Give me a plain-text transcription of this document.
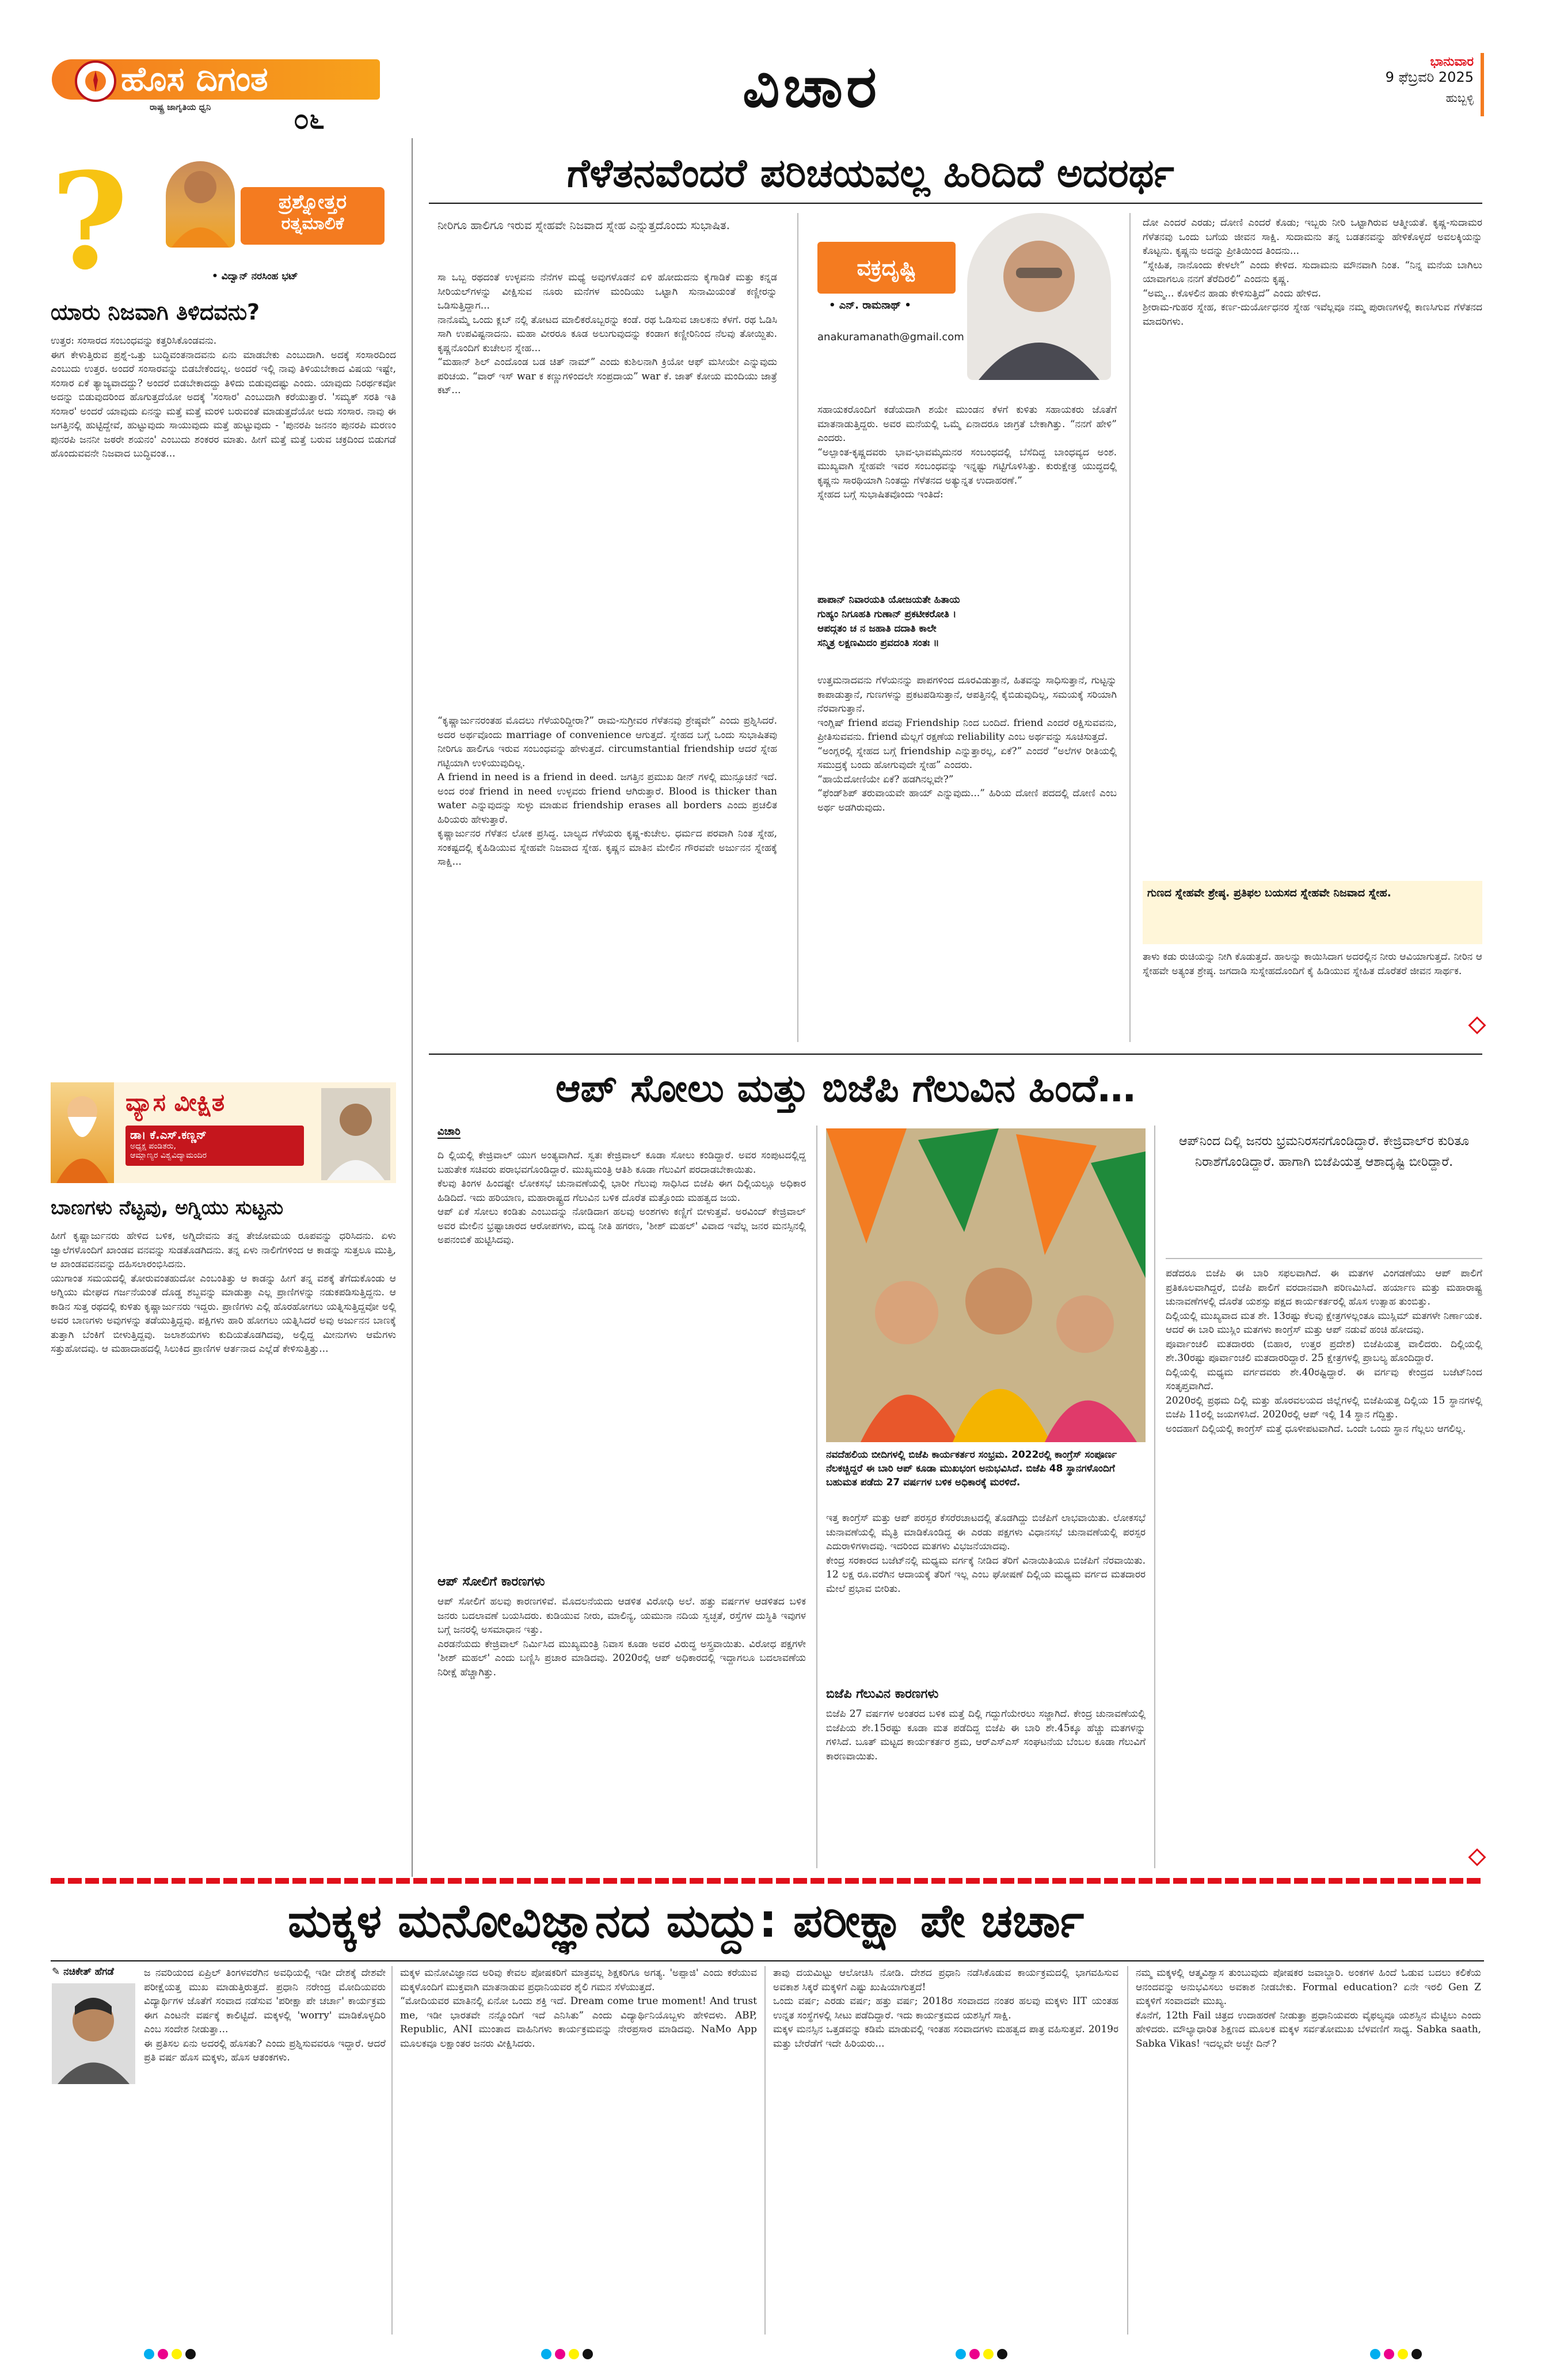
ಹೊಸ ದಿಗಂತ
ರಾಷ್ಟ್ರ ಜಾಗೃತಿಯ ಧ್ವನಿ	೦೬	ವಿಚಾರ	ಭಾನುವಾರ
9 ಫೆಬ್ರವರಿ 2025
ಹುಬ್ಬಳ್ಳಿ
?	ಪ್ರಶ್ನೋತ್ತರ
ರತ್ನಮಾಲಿಕೆ
• ವಿದ್ವಾನ್ ನರಸಿಂಹ ಭಟ್
ಯಾರು ನಿಜವಾಗಿ ತಿಳಿದವನು?
ಉತ್ತರ: ಸಂಸಾರದ ಸಂಬಂಧವನ್ನು ಕತ್ತರಿಸಿಕೊಂಡವನು.
ಈಗ ಕೇಳುತ್ತಿರುವ ಪ್ರಶ್ನೆ-ಒತ್ತು ಬುದ್ಧಿವಂತನಾದವನು ಏನು ಮಾಡಬೇಕು ಎಂಬುದಾಗಿ. ಅದಕ್ಕೆ ಸಂಸಾರದಿಂದ ಎಂಬುದು ಉತ್ತರ. ಅಂದರೆ ಸಂಸಾರವನ್ನು ಬಿಡಬೇಕೆಂದಲ್ಲ. ಅಂದರೆ ಇಲ್ಲಿ ನಾವು ತಿಳಿಯಬೇಕಾದ ವಿಷಯ ಇಷ್ಟೇ, ಸಂಸಾರ ಏಕೆ ತ್ಯಾಜ್ಯವಾದದ್ದು? ಅಂದರೆ ಬಿಡಬೇಕಾದದ್ದು ತಿಳಿದು ಬಿಡುವುದಷ್ಟು ಎಂದು. ಯಾವುದು ನಿರರ್ಥಕವೋ ಅದನ್ನು ಬಿಡುವುದರಿಂದ ಹೊಗುತ್ತದೆಯೋ ಅದಕ್ಕೆ 'ಸಂಸಾರ' ಎಂಬುದಾಗಿ ಕರೆಯುತ್ತಾರೆ. 'ಸಮ್ಯಕ್ ಸರತಿ ಇತಿ ಸಂಸಾರ' ಅಂದರೆ ಯಾವುದು ಏನನ್ನು ಮತ್ತೆ ಮತ್ತೆ ಮರಳಿ ಬರುವಂತೆ ಮಾಡುತ್ತದೆಯೋ ಅದು ಸಂಸಾರ. ನಾವು ಈ ಜಗತ್ತಿನಲ್ಲಿ ಹುಟ್ಟಿದ್ದೇವೆ, ಹುಟ್ಟುವುದು ಸಾಯುವುದು ಮತ್ತೆ ಹುಟ್ಟುವುದು - 'ಪುನರಪಿ ಜನನಂ ಪುನರಪಿ ಮರಣಂ ಪುನರಪಿ ಜನನೀ ಜಠರೇ ಶಯನಂ' ಎಂಬುದು ಶಂಕರರ ಮಾತು. ಹೀಗೆ ಮತ್ತೆ ಮತ್ತೆ ಬರುವ ಚಕ್ರದಿಂದ ಬಿಡುಗಡೆ ಹೊಂದುವವನೇ ನಿಜವಾದ ಬುದ್ಧಿವಂತ...
ವ್ಯಾಸ ವೀಕ್ಷಿತ
ಡಾ। ಕೆ.ಎಸ್.ಕಣ್ಣನ್
ಅಧ್ಯಕ್ಷ ಪಂಡಿತರು,
ಆಮ್ಲಾಣ್ಯರ ವಿಶ್ವವಿದ್ಯಾಮಂದಿರ
ಬಾಣಗಳು ನೆಟ್ಟವು, ಅಗ್ನಿಯು ಸುಟ್ಟನು
ಹೀಗೆ ಕೃಷ್ಣಾರ್ಜುನರು ಹೇಳಿದ ಬಳಿಕ, ಅಗ್ನಿದೇವನು ತನ್ನ ತೇಜೋಮಯ ರೂಪವನ್ನು ಧರಿಸಿದನು. ಏಳು ಜ್ವಾಲೆಗಳೊಂದಿಗೆ ಖಾಂಡವ ವನವನ್ನು ಸುಡತೊಡಗಿದನು. ತನ್ನ ಏಳು ನಾಲಿಗೆಗಳಿಂದ ಆ ಕಾಡನ್ನು ಸುತ್ತಲೂ ಮುತ್ತಿ, ಆ ಖಾಂಡವವನವನ್ನು ದಹಿಸಲಾರಂಭಿಸಿದನು.
ಯುಗಾಂತ ಸಮಯದಲ್ಲಿ ತೋರುವಂತಹುದೋ ಎಂಬಂತಿತ್ತು ಆ ಕಾಡನ್ನು ಹೀಗೆ ತನ್ನ ವಶಕ್ಕೆ ತೆಗೆದುಕೊಂಡು ಆ ಅಗ್ನಿಯು ಮೇಘದ ಗರ್ಜನೆಯಂತೆ ದೊಡ್ಡ ಶಬ್ದವನ್ನು ಮಾಡುತ್ತಾ ಎಲ್ಲ ಪ್ರಾಣಿಗಳನ್ನು ನಡುಕಪಡಿಸುತ್ತಿದ್ದನು. ಆ ಕಾಡಿನ ಸುತ್ತ ರಥದಲ್ಲಿ ಕುಳಿತು ಕೃಷ್ಣಾರ್ಜುನರು ಇದ್ದರು. ಪ್ರಾಣಿಗಳು ಎಲ್ಲಿ ಹೊರಹೋಗಲು ಯತ್ನಿಸುತ್ತಿದ್ದವೋ ಅಲ್ಲಿ ಅವರ ಬಾಣಗಳು ಅವುಗಳನ್ನು ತಡೆಯುತ್ತಿದ್ದವು. ಪಕ್ಷಿಗಳು ಹಾರಿ ಹೋಗಲು ಯತ್ನಿಸಿದರೆ ಅವು ಅರ್ಜುನನ ಬಾಣಕ್ಕೆ ತುತ್ತಾಗಿ ಬೆಂಕಿಗೆ ಬೀಳುತ್ತಿದ್ದವು. ಜಲಾಶಯಗಳು ಕುದಿಯತೊಡಗಿದವು, ಅಲ್ಲಿದ್ದ ಮೀನುಗಳು ಆಮೆಗಳು ಸತ್ತುಹೋದವು. ಆ ಮಹಾದಾಹದಲ್ಲಿ ಸಿಲುಕಿದ ಪ್ರಾಣಿಗಳ ಆರ್ತನಾದ ಎಲ್ಲೆಡೆ ಕೇಳಿಸುತ್ತಿತ್ತು...
ಗೆಳೆತನವೆಂದರೆ ಪರಿಚಯವಲ್ಲ ಹಿರಿದಿದೆ ಅದರರ್ಥ
ನೀರಿಗೂ ಹಾಲಿಗೂ ಇರುವ ಸ್ನೇಹವೇ ನಿಜವಾದ ಸ್ನೇಹ ಎನ್ನುತ್ತದೊಂದು ಸುಭಾಷಿತ.
ವಕ್ರದೃಷ್ಟಿ
• ಎನ್. ರಾಮನಾಥ್ •
anakuramanath@gmail.com
ಸಾ ಒಬ್ಬ ರಥದಂತೆ ಉಳ್ಳವನು ನೆನೆಗಳ ಮಧ್ಯೆ ಅವುಗಳೊಡನೆ ಏಳಿ ಹೋದುದನು ಕೈಗಾಡಿಕೆ ಮತ್ತು ಕನ್ನಡ ಸೀರಿಯಲ್‌ಗಳನ್ನು ವೀಕ್ಷಿಸುವ ನೂರು ಮನೆಗಳ ಮಂದಿಯು ಒಟ್ಟಾಗಿ ಸುನಾಮಿಯಂತೆ ಕಣ್ಣೀರನ್ನು ಒಡಿಸುತ್ತಿದ್ದಾಗ...
ನಾನೊಮ್ಮೆ ಒಂದು ಕ್ಲಬ್ ನಲ್ಲಿ ತೋಟದ ಮಾಲಿಕರೊಬ್ಬರನ್ನು ಕಂಡೆ. ರಥ ಓಡಿಸುವ ಚಾಲಕನು ಕೆಳಗೆ. ರಥ ಓಡಿಸಿ ಸಾಗಿ ಉಪವಿಷ್ಟನಾದನು. ಮಹಾ ವೀರರೂ ಕೂಡ ಅಲುಗುವುದನ್ನು ಕಂಡಾಗ ಕಣ್ಣೀರಿನಿಂದ ನೆಲವು ತೋಯ್ದಿತು. ಕೃಷ್ಣನೊಂದಿಗೆ ಕುಚೇಲನ ಸ್ನೇಹ...
“ಮಹಾನ್ ಶಿಲ್ ಎಂದೊಂಡ ಬಡ ಚಿತ್ ನಾಮ್” ಎಂದು ಕುಶಿಲನಾಗಿ ಕ್ರಿಯೋ ಆಫ್ ಮಸೀಯೇ ಎನ್ನುವುದು ಪರಿಚಯ. “ವಾರ್ ಇಸ್ war ಕ ಕಣ್ಣುಗಳಿಂದಲೇ ಸಂಪ್ರದಾಯ” war ಕೆ. ಜಾತ್ ಕೋಯ ಮಂದಿಯು ಜಾತ್ರೆ ಕಟ್...
“ಕೃಷ್ಣಾರ್ಜುನರಂತಹ ಮೊದಲು ಗೆಳೆಯರಿದ್ದೀರಾ?” ರಾಮ-ಸುಗ್ರೀವರ ಗೆಳೆತನವು ಶ್ರೇಷ್ಠವೇ” ಎಂದು ಪ್ರಶ್ನಿಸಿದರೆ. ಅದರ ಅರ್ಥವೊಂದು marriage of convenience ಆಗುತ್ತದೆ. ಸ್ನೇಹದ ಬಗ್ಗೆ ಒಂದು ಸುಭಾಷಿತವು ನೀರಿಗೂ ಹಾಲಿಗೂ ಇರುವ ಸಂಬಂಧವನ್ನು ಹೇಳುತ್ತದೆ. circumstantial friendship ಆದರೆ ಸ್ನೇಹ ಗಟ್ಟಿಯಾಗಿ ಉಳಿಯುವುದಿಲ್ಲ.
A friend in need is a friend in deed. ಜಗತ್ತಿನ ಪ್ರಮುಖ ಡೀನ್ ಗಳಲ್ಲಿ ಮುನ್ಸೂಚನೆ ಇದೆ. ಅಂದ ರಂತೆ friend in need ಉಳ್ಳವರು friend ಆಗಿರುತ್ತಾರೆ. Blood is thicker than water ಎನ್ನುವುದನ್ನು ಸುಳ್ಳು ಮಾಡುವ friendship erases all borders ಎಂದು ಪ್ರಚಲಿತ ಹಿರಿಯರು ಹೇಳುತ್ತಾರೆ.
ಕೃಷ್ಣಾರ್ಜುನರ ಗೆಳೆತನ ಲೋಕ ಪ್ರಸಿದ್ಧ. ಬಾಲ್ಯದ ಗೆಳೆಯರು ಕೃಷ್ಣ-ಕುಚೇಲ. ಧರ್ಮದ ಪರವಾಗಿ ನಿಂತ ಸ್ನೇಹ, ಸಂಕಷ್ಟದಲ್ಲಿ ಕೈಹಿಡಿಯುವ ಸ್ನೇಹವೇ ನಿಜವಾದ ಸ್ನೇಹ. ಕೃಷ್ಣನ ಮಾತಿನ ಮೇಲಿನ ಗೌರವವೇ ಅರ್ಜುನನ ಸ್ನೇಹಕ್ಕೆ ಸಾಕ್ಷಿ...
ಸಹಾಯಕರೊಂದಿಗೆ ಕಡೆಯದಾಗಿ ಶಯೇ ಮುಂಡನ ಕೆಳಗೆ ಕುಳಿತು ಸಹಾಯಕರು ಜೊತೆಗೆ ಮಾತನಾಡುತ್ತಿದ್ದರು. ಅವರ ಮನೆಯಲ್ಲಿ ಒಮ್ಮೆ ಏನಾದರೂ ಜಾಗ್ರತೆ ಬೇಕಾಗಿತ್ತು. “ನನಗೆ ಹೇಳಿ” ಎಂದರು.
“ಅಲ್ಪಾಂತ-ಕೃಷ್ಣದವರು ಭಾವ-ಭಾವಮೈದುನರ ಸಂಬಂಧದಲ್ಲಿ ಬೆಸೆದಿದ್ದ ಬಾಂಧವ್ಯದ ಅಂಶ. ಮುಖ್ಯವಾಗಿ ಸ್ನೇಹವೇ ಇವರ ಸಂಬಂಧವನ್ನು ಇನ್ನಷ್ಟು ಗಟ್ಟಿಗೊಳಿಸಿತ್ತು. ಕುರುಕ್ಷೇತ್ರ ಯುದ್ಧದಲ್ಲಿ ಕೃಷ್ಣನು ಸಾರಥಿಯಾಗಿ ನಿಂತದ್ದು ಗೆಳೆತನದ ಅತ್ಯುನ್ನತ ಉದಾಹರಣೆ.”
ಸ್ನೇಹದ ಬಗ್ಗೆ ಸುಭಾಷಿತವೊಂದು ಇಂತಿದೆ:
ಪಾಪಾನ್ ನಿವಾರಯತಿ ಯೋಜಯತೇ ಹಿತಾಯ
ಗುಹ್ಯಂ ನಿಗೂಹತಿ ಗುಣಾನ್ ಪ್ರಕಟೀಕರೋತಿ ।
ಆಪದ್ಗತಂ ಚ ನ ಜಹಾತಿ ದದಾತಿ ಕಾಲೇ
ಸನ್ಮಿತ್ರ ಲಕ್ಷಣಮಿದಂ ಪ್ರವದಂತಿ ಸಂತಃ ॥
ಉತ್ತಮನಾದವನು ಗೆಳೆಯನನ್ನು ಪಾಪಗಳಿಂದ ದೂರವಿಡುತ್ತಾನೆ, ಹಿತವನ್ನು ಸಾಧಿಸುತ್ತಾನೆ, ಗುಟ್ಟನ್ನು ಕಾಪಾಡುತ್ತಾನೆ, ಗುಣಗಳನ್ನು ಪ್ರಕಟಪಡಿಸುತ್ತಾನೆ, ಆಪತ್ತಿನಲ್ಲಿ ಕೈಬಿಡುವುದಿಲ್ಲ, ಸಮಯಕ್ಕೆ ಸರಿಯಾಗಿ ನೆರವಾಗುತ್ತಾನೆ.
ಇಂಗ್ಲಿಷ್ friend ಪದವು Friendship ನಿಂದ ಬಂದಿದೆ. friend ಎಂದರೆ ರಕ್ಷಿಸುವವನು, ಪ್ರೀತಿಸುವವನು. friend ಮೆಲ್ಲಗೆ ರಕ್ಷಣೆಯ reliability ಎಂಬ ಅರ್ಥವನ್ನು ಸೂಚಿಸುತ್ತದೆ.
“ಅಂಗ್ಲರಲ್ಲಿ ಸ್ನೇಹದ ಬಗ್ಗೆ friendship ಎನ್ನುತ್ತಾರಲ್ಲ, ಏಕೆ?” ಎಂದರೆ “ಅಲೆಗಳ ರೀತಿಯಲ್ಲಿ ಸಮುದ್ರಕ್ಕೆ ಬಂದು ಹೋಗುವುದೇ ಸ್ನೇಹ” ಎಂದರು.
“ಹಾಯೆದೋಣಿಯೇ ಏಕೆ? ಹಡಗಿನಲ್ಲವೇ?”
“ಫೆಂಡ್‌ಶಿಪ್ ತರುವಾಯವೇ ಹಾಯ್ ಎನ್ನುವುದು...” ಹಿರಿಯ ದೋಣಿ ಪದದಲ್ಲಿ ದೋಣಿ ಎಂಬ ಅರ್ಥ ಅಡಗಿರುವುದು.
ದೋ ಎಂದರೆ ಎರಡು; ದೋಣಿ ಎಂದರೆ ಕೊಡು; ಇಬ್ಬರು ನೀರಿ ಒಟ್ಟಾಗಿರುವ ಆತ್ಮೀಯತೆ. ಕೃಷ್ಣ-ಸುದಾಮರ ಗೆಳೆತನವು ಒಂದು ಬಗೆಯ ಜೀವನ ಸಾಕ್ಷಿ. ಸುದಾಮನು ತನ್ನ ಬಡತನವನ್ನು ಹೇಳಿಕೊಳ್ಳದೆ ಅವಲಕ್ಕಿಯನ್ನು ಕೊಟ್ಟನು. ಕೃಷ್ಣನು ಅದನ್ನು ಪ್ರೀತಿಯಿಂದ ತಿಂದನು...
“ಸ್ನೇಹಿತ, ನಾನೊಂದು ಕೇಳಲೇ” ಎಂದು ಕೇಳಿದ. ಸುದಾಮನು ಮೌನವಾಗಿ ನಿಂತ. “ನಿನ್ನ ಮನೆಯ ಬಾಗಿಲು ಯಾವಾಗಲೂ ನನಗೆ ತೆರೆದಿರಲಿ” ಎಂದನು ಕೃಷ್ಣ.
“ಅಮ್ಮ... ಕೊಳಲಿನ ಹಾಡು ಕೇಳಿಸುತ್ತಿದೆ” ಎಂದು ಹೇಳಿದ.
ಶ್ರೀರಾಮ-ಗುಹರ ಸ್ನೇಹ, ಕರ್ಣ-ದುರ್ಯೋಧನರ ಸ್ನೇಹ ಇವೆಲ್ಲವೂ ನಮ್ಮ ಪುರಾಣಗಳಲ್ಲಿ ಕಾಣಸಿಗುವ ಗೆಳೆತನದ ಮಾದರಿಗಳು.
ಗುಣದ ಸ್ನೇಹವೇ ಶ್ರೇಷ್ಠ. ಪ್ರತಿಫಲ ಬಯಸದ ಸ್ನೇಹವೇ ನಿಜವಾದ ಸ್ನೇಹ.
ತಾಳು ಕಡು ರುಚಿಯನ್ನು ನೀಗಿ ಕೊಡುತ್ತದೆ. ಹಾಲನ್ನು ಕಾಯಿಸಿದಾಗ ಅದರಲ್ಲಿನ ನೀರು ಆವಿಯಾಗುತ್ತದೆ. ನೀರಿನ ಆ ಸ್ನೇಹವೇ ಅತ್ಯಂತ ಶ್ರೇಷ್ಠ. ಜಗದಾಡಿ ಸುಸ್ನೇಹದೊಂದಿಗೆ ಕೈ ಹಿಡಿಯುವ ಸ್ನೇಹಿತ ದೊರೆತರೆ ಜೀವನ ಸಾರ್ಥಕ.
ಆಪ್ ಸೋಲು ಮತ್ತು ಬಿಜೆಪಿ ಗೆಲುವಿನ ಹಿಂದೆ…
ವಿಚಾರಿ
ದಿ ಲ್ಲಿಯಲ್ಲಿ ಕೇಜ್ರಿವಾಲ್ ಯುಗ ಅಂತ್ಯವಾಗಿದೆ. ಸ್ವತಃ ಕೇಜ್ರಿವಾಲ್ ಕೂಡಾ ಸೋಲು ಕಂಡಿದ್ದಾರೆ. ಅವರ ಸಂಪುಟದಲ್ಲಿದ್ದ ಬಹುತೇಕ ಸಚಿವರು ಪರಾಭವಗೊಂಡಿದ್ದಾರೆ. ಮುಖ್ಯಮಂತ್ರಿ ಆತಿಶಿ ಕೂಡಾ ಗೆಲುವಿಗೆ ಪರದಾಡಬೇಕಾಯಿತು.
ಕೆಲವು ತಿಂಗಳ ಹಿಂದಷ್ಟೇ ಲೋಕಸಭೆ ಚುನಾವಣೆಯಲ್ಲಿ ಭಾರೀ ಗೆಲುವು ಸಾಧಿಸಿದ ಬಿಜೆಪಿ ಈಗ ದಿಲ್ಲಿಯಲ್ಲೂ ಅಧಿಕಾರ ಹಿಡಿದಿದೆ. ಇದು ಹರಿಯಾಣ, ಮಹಾರಾಷ್ಟ್ರದ ಗೆಲುವಿನ ಬಳಿಕ ದೊರೆತ ಮತ್ತೊಂದು ಮಹತ್ವದ ಜಯ.
ಆಪ್ ಏಕೆ ಸೋಲು ಕಂಡಿತು ಎಂಬುದನ್ನು ನೋಡಿದಾಗ ಹಲವು ಅಂಶಗಳು ಕಣ್ಣಿಗೆ ಬೀಳುತ್ತವೆ. ಅರವಿಂದ್ ಕೇಜ್ರಿವಾಲ್ ಅವರ ಮೇಲಿನ ಭ್ರಷ್ಟಾಚಾರದ ಆರೋಪಗಳು, ಮದ್ಯ ನೀತಿ ಹಗರಣ, 'ಶೀಶ್ ಮಹಲ್' ವಿವಾದ ಇವೆಲ್ಲ ಜನರ ಮನಸ್ಸಿನಲ್ಲಿ ಅಪನಂಬಿಕೆ ಹುಟ್ಟಿಸಿದವು.
ಆಪ್ ಸೋಲಿಗೆ ಕಾರಣಗಳು
ಆಪ್ ಸೋಲಿಗೆ ಹಲವು ಕಾರಣಗಳಿವೆ. ಮೊದಲನೆಯದು ಆಡಳಿತ ವಿರೋಧಿ ಅಲೆ. ಹತ್ತು ವರ್ಷಗಳ ಆಡಳಿತದ ಬಳಿಕ ಜನರು ಬದಲಾವಣೆ ಬಯಸಿದರು. ಕುಡಿಯುವ ನೀರು, ಮಾಲಿನ್ಯ, ಯಮುನಾ ನದಿಯ ಸ್ವಚ್ಛತೆ, ರಸ್ತೆಗಳ ದುಸ್ಥಿತಿ ಇವುಗಳ ಬಗ್ಗೆ ಜನರಲ್ಲಿ ಅಸಮಾಧಾನ ಇತ್ತು.
ಎರಡನೆಯದು ಕೇಜ್ರಿವಾಲ್ ನಿರ್ಮಿಸಿದ ಮುಖ್ಯಮಂತ್ರಿ ನಿವಾಸ ಕೂಡಾ ಅವರ ವಿರುದ್ಧ ಅಸ್ತ್ರವಾಯಿತು. ವಿರೋಧ ಪಕ್ಷಗಳೇ 'ಶೀಶ್ ಮಹಲ್' ಎಂದು ಬಣ್ಣಿಸಿ ಪ್ರಚಾರ ಮಾಡಿದವು. 2020ರಲ್ಲಿ ಆಪ್ ಅಧಿಕಾರದಲ್ಲಿ ಇದ್ದಾಗಲೂ ಬದಲಾವಣೆಯ ನಿರೀಕ್ಷೆ ಹೆಚ್ಚಾಗಿತ್ತು.
ನವದೆಹಲಿಯ ಬೀದಿಗಳಲ್ಲಿ ಬಿಜೆಪಿ ಕಾರ್ಯಕರ್ತರ ಸಂಭ್ರಮ. 2022ರಲ್ಲಿ ಕಾಂಗ್ರೆಸ್ ಸಂಪೂರ್ಣ ನೆಲಕಚ್ಚಿದ್ದರೆ ಈ ಬಾರಿ ಆಪ್ ಕೂಡಾ ಮುಖಭಂಗ ಅನುಭವಿಸಿದೆ. ಬಿಜೆಪಿ 48 ಸ್ಥಾನಗಳೊಂದಿಗೆ ಬಹುಮತ ಪಡೆದು 27 ವರ್ಷಗಳ ಬಳಿಕ ಅಧಿಕಾರಕ್ಕೆ ಮರಳಿದೆ.
ಇತ್ತ ಕಾಂಗ್ರೆಸ್ ಮತ್ತು ಆಪ್ ಪರಸ್ಪರ ಕೆಸರೆರಚಾಟದಲ್ಲಿ ತೊಡಗಿದ್ದು ಬಿಜೆಪಿಗೆ ಲಾಭವಾಯಿತು. ಲೋಕಸಭೆ ಚುನಾವಣೆಯಲ್ಲಿ ಮೈತ್ರಿ ಮಾಡಿಕೊಂಡಿದ್ದ ಈ ಎರಡು ಪಕ್ಷಗಳು ವಿಧಾನಸಭೆ ಚುನಾವಣೆಯಲ್ಲಿ ಪರಸ್ಪರ ಎದುರಾಳಿಗಳಾದವು. ಇದರಿಂದ ಮತಗಳು ವಿಭಜನೆಯಾದವು.
ಕೇಂದ್ರ ಸರಕಾರದ ಬಜೆಟ್‌ನಲ್ಲಿ ಮಧ್ಯಮ ವರ್ಗಕ್ಕೆ ನೀಡಿದ ತೆರಿಗೆ ವಿನಾಯಿತಿಯೂ ಬಿಜೆಪಿಗೆ ನೆರವಾಯಿತು. 12 ಲಕ್ಷ ರೂ.ವರೆಗಿನ ಆದಾಯಕ್ಕೆ ತೆರಿಗೆ ಇಲ್ಲ ಎಂಬ ಘೋಷಣೆ ದಿಲ್ಲಿಯ ಮಧ್ಯಮ ವರ್ಗದ ಮತದಾರರ ಮೇಲೆ ಪ್ರಭಾವ ಬೀರಿತು.
ಬಿಜೆಪಿ ಗೆಲುವಿನ ಕಾರಣಗಳು
ಬಿಜೆಪಿ 27 ವರ್ಷಗಳ ಅಂತರದ ಬಳಿಕ ಮತ್ತೆ ದಿಲ್ಲಿ ಗದ್ದುಗೆಯೇರಲು ಸಜ್ಜಾಗಿದೆ. ಕೇಂದ್ರ ಚುನಾವಣೆಯಲ್ಲಿ ಬಿಜೆಪಿಯ ಶೇ.15ರಷ್ಟು ಕೂಡಾ ಮತ ಪಡೆದಿದ್ದ ಬಿಜೆಪಿ ಈ ಬಾರಿ ಶೇ.45ಕ್ಕೂ ಹೆಚ್ಚು ಮತಗಳನ್ನು ಗಳಿಸಿದೆ. ಬೂತ್ ಮಟ್ಟದ ಕಾರ್ಯಕರ್ತರ ಶ್ರಮ, ಆರ್‌ಎಸ್‌ಎಸ್ ಸಂಘಟನೆಯ ಬೆಂಬಲ ಕೂಡಾ ಗೆಲುವಿಗೆ ಕಾರಣವಾಯಿತು.
ಆಪ್‌ನಿಂದ ದಿಲ್ಲಿ ಜನರು ಭ್ರಮನಿರಸನಗೊಂಡಿದ್ದಾರೆ. ಕೇಜ್ರಿವಾಲ್‌ರ ಕುರಿತೂ ನಿರಾಶೆಗೊಂಡಿದ್ದಾರೆ. ಹಾಗಾಗಿ ಬಿಜೆಪಿಯತ್ತ ಆಶಾದೃಷ್ಟಿ ಬೀರಿದ್ದಾರೆ.
ಪಡೆದರೂ ಬಿಜೆಪಿ ಈ ಬಾರಿ ಸಫಲವಾಗಿದೆ. ಈ ಮತಗಳ ವಿಂಗಡಣೆಯು ಆಪ್ ಪಾಲಿಗೆ ಪ್ರತಿಕೂಲವಾಗಿದ್ದರೆ, ಬಿಜೆಪಿ ಪಾಲಿಗೆ ವರದಾನವಾಗಿ ಪರಿಣಮಿಸಿದೆ. ಹರ್ಯಾಣ ಮತ್ತು ಮಹಾರಾಷ್ಟ್ರ ಚುನಾವಣೆಗಳಲ್ಲಿ ದೊರೆತ ಯಶಸ್ಸು ಪಕ್ಷದ ಕಾರ್ಯಕರ್ತರಲ್ಲಿ ಹೊಸ ಉತ್ಸಾಹ ತುಂಬಿತ್ತು.
ದಿಲ್ಲಿಯಲ್ಲಿ ಮುಖ್ಯವಾದ ಮತ ಶೇ. 13ರಷ್ಟು ಕೆಲವು ಕ್ಷೇತ್ರಗಳಲ್ಲಂತೂ ಮುಸ್ಲಿಮ್ ಮತಗಳೇ ನಿರ್ಣಾಯಕ. ಆದರೆ ಈ ಬಾರಿ ಮುಸ್ಲಿಂ ಮತಗಳು ಕಾಂಗ್ರೆಸ್ ಮತ್ತು ಆಪ್ ನಡುವೆ ಹಂಚಿ ಹೋದವು.
ಪೂರ್ವಾಂಚಲಿ ಮತದಾರರು (ಬಿಹಾರ, ಉತ್ತರ ಪ್ರದೇಶ) ಬಿಜೆಪಿಯತ್ತ ವಾಲಿದರು. ದಿಲ್ಲಿಯಲ್ಲಿ ಶೇ.30ರಷ್ಟು ಪೂರ್ವಾಂಚಲಿ ಮತದಾರರಿದ್ದಾರೆ. 25 ಕ್ಷೇತ್ರಗಳಲ್ಲಿ ಪ್ರಾಬಲ್ಯ ಹೊಂದಿದ್ದಾರೆ.
ದಿಲ್ಲಿಯಲ್ಲಿ ಮಧ್ಯಮ ವರ್ಗದವರು ಶೇ.40ರಷ್ಟಿದ್ದಾರೆ. ಈ ವರ್ಗವು ಕೇಂದ್ರದ ಬಜೆಟ್‌ನಿಂದ ಸಂತೃಪ್ತವಾಗಿದೆ.
2020ರಲ್ಲಿ ಪ್ರಥಮ ದಿಲ್ಲಿ ಮತ್ತು ಹೊರವಲಯದ ಜಿಲ್ಲೆಗಳಲ್ಲಿ ಬಿಜೆಪಿಯತ್ತ ದಿಲ್ಲಿಯ 15 ಸ್ಥಾನಗಳಲ್ಲಿ ಬಿಜೆಪಿ 11ರಲ್ಲಿ ಜಯಗಳಿಸಿದೆ. 2020ರಲ್ಲಿ ಆಪ್ ಇಲ್ಲಿ 14 ಸ್ಥಾನ ಗೆದ್ದಿತ್ತು.
ಅಂದಹಾಗೆ ದಿಲ್ಲಿಯಲ್ಲಿ ಕಾಂಗ್ರೆಸ್ ಮತ್ತೆ ಧೂಳೀಪಟವಾಗಿದೆ. ಒಂದೇ ಒಂದು ಸ್ಥಾನ ಗೆಲ್ಲಲು ಆಗಲಿಲ್ಲ.
ಮಕ್ಕಳ ಮನೋವಿಜ್ಞಾನದ ಮದ್ದು: ಪರೀಕ್ಷಾ ಪೇ ಚರ್ಚಾ
✎ ನಚಿಕೇತ್ ಹೆಗಡೆ	ಜ ನವರಿಯಂದ ಏಪ್ರಿಲ್ ತಿಂಗಳವರೆಗಿನ ಅವಧಿಯಲ್ಲಿ ಇಡೀ ದೇಶಕ್ಕೆ ದೇಶವೇ ಪರೀಕ್ಷೆಯತ್ತ ಮುಖ ಮಾಡುತ್ತಿರುತ್ತದೆ. ಪ್ರಧಾನಿ ನರೇಂದ್ರ ಮೋದಿಯವರು ವಿದ್ಯಾರ್ಥಿಗಳ ಜೊತೆಗೆ ಸಂವಾದ ನಡೆಸುವ 'ಪರೀಕ್ಷಾ ಪೇ ಚರ್ಚಾ' ಕಾರ್ಯಕ್ರಮ ಈಗ ಎಂಟನೇ ವರ್ಷಕ್ಕೆ ಕಾಲಿಟ್ಟಿದೆ. ಮಕ್ಕಳಲ್ಲಿ 'worry' ಮಾಡಿಕೊಳ್ಳದಿರಿ ಎಂಬ ಸಂದೇಶ ನೀಡುತ್ತಾ...
ಈ ಪ್ರತಿಸಲ ಏನು ಅದರಲ್ಲಿ ಹೊಸತು? ಎಂದು ಪ್ರಶ್ನಿಸುವವರೂ ಇದ್ದಾರೆ. ಆದರೆ ಪ್ರತಿ ವರ್ಷ ಹೊಸ ಮಕ್ಕಳು, ಹೊಸ ಆತಂಕಗಳು.
ಮಕ್ಕಳ ಮನೋವಿಜ್ಞಾನದ ಅರಿವು ಕೇವಲ ಪೋಷಕರಿಗೆ ಮಾತ್ರವಲ್ಲ ಶಿಕ್ಷಕರಿಗೂ ಅಗತ್ಯ. 'ಅಪ್ಪಾಜಿ' ಎಂದು ಕರೆಯುವ ಮಕ್ಕಳೊಂದಿಗೆ ಮುಕ್ತವಾಗಿ ಮಾತನಾಡುವ ಪ್ರಧಾನಿಯವರ ಶೈಲಿ ಗಮನ ಸೆಳೆಯುತ್ತದೆ.
“ಮೋದಿಯವರ ಮಾತಿನಲ್ಲಿ ಏನೋ ಒಂದು ಶಕ್ತಿ ಇದೆ. Dream come true moment! And trust me, ಇಡೀ ಭಾರತವೇ ನನ್ನೊಂದಿಗೆ ಇದೆ ಎನಿಸಿತು” ಎಂದು ವಿದ್ಯಾರ್ಥಿನಿಯೊಬ್ಬಳು ಹೇಳಿದಳು. ABP, Republic, ANI ಮುಂತಾದ ವಾಹಿನಿಗಳು ಕಾರ್ಯಕ್ರಮವನ್ನು ನೇರಪ್ರಸಾರ ಮಾಡಿದವು. NaMo App ಮೂಲಕವೂ ಲಕ್ಷಾಂತರ ಜನರು ವೀಕ್ಷಿಸಿದರು.
ತಾವು ದಯಮಿಟ್ಟು ಆಲೋಚಿಸಿ ನೋಡಿ. ದೇಶದ ಪ್ರಧಾನಿ ನಡೆಸಿಕೊಡುವ ಕಾರ್ಯಕ್ರಮದಲ್ಲಿ ಭಾಗವಹಿಸುವ ಅವಕಾಶ ಸಿಕ್ಕರೆ ಮಕ್ಕಳಿಗೆ ಎಷ್ಟು ಖುಷಿಯಾಗುತ್ತದೆ!
ಒಂದು ವರ್ಷ; ಎರಡು ವರ್ಷ; ಹತ್ತು ವರ್ಷ; 2018ರ ಸಂವಾದದ ನಂತರ ಹಲವು ಮಕ್ಕಳು IIT ಯಂತಹ ಉನ್ನತ ಸಂಸ್ಥೆಗಳಲ್ಲಿ ಸೀಟು ಪಡೆದಿದ್ದಾರೆ. ಇದು ಕಾರ್ಯಕ್ರಮದ ಯಶಸ್ಸಿಗೆ ಸಾಕ್ಷಿ.
ಮಕ್ಕಳ ಮನಸ್ಸಿನ ಒತ್ತಡವನ್ನು ಕಡಿಮೆ ಮಾಡುವಲ್ಲಿ ಇಂತಹ ಸಂವಾದಗಳು ಮಹತ್ವದ ಪಾತ್ರ ವಹಿಸುತ್ತವೆ. 2019ರ ಮತ್ತು ಬೇರೆಡೆಗೆ ಇದೇ ಹಿರಿಯರು...
ನಮ್ಮ ಮಕ್ಕಳಲ್ಲಿ ಆತ್ಮವಿಶ್ವಾಸ ತುಂಬುವುದು ಪೋಷಕರ ಜವಾಬ್ದಾರಿ. ಅಂಕಗಳ ಹಿಂದೆ ಓಡುವ ಬದಲು ಕಲಿಕೆಯ ಆನಂದವನ್ನು ಅನುಭವಿಸಲು ಅವಕಾಶ ನೀಡಬೇಕು. Formal education? ಏನೇ ಇರಲಿ Gen Z ಮಕ್ಕಳಿಗೆ ಸಂವಾದವೇ ಮುಖ್ಯ.
ಕೊನೆಗೆ, 12th Fail ಚಿತ್ರದ ಉದಾಹರಣೆ ನೀಡುತ್ತಾ ಪ್ರಧಾನಿಯವರು ವೈಫಲ್ಯವೂ ಯಶಸ್ಸಿನ ಮೆಟ್ಟಿಲು ಎಂದು ಹೇಳಿದರು. ಮೌಲ್ಯಾಧಾರಿತ ಶಿಕ್ಷಣದ ಮೂಲಕ ಮಕ್ಕಳ ಸರ್ವತೋಮುಖ ಬೆಳವಣಿಗೆ ಸಾಧ್ಯ. Sabka saath, Sabka Vikas! ಇದಲ್ಲವೇ ಅಚ್ಛೇ ದಿನ್?
